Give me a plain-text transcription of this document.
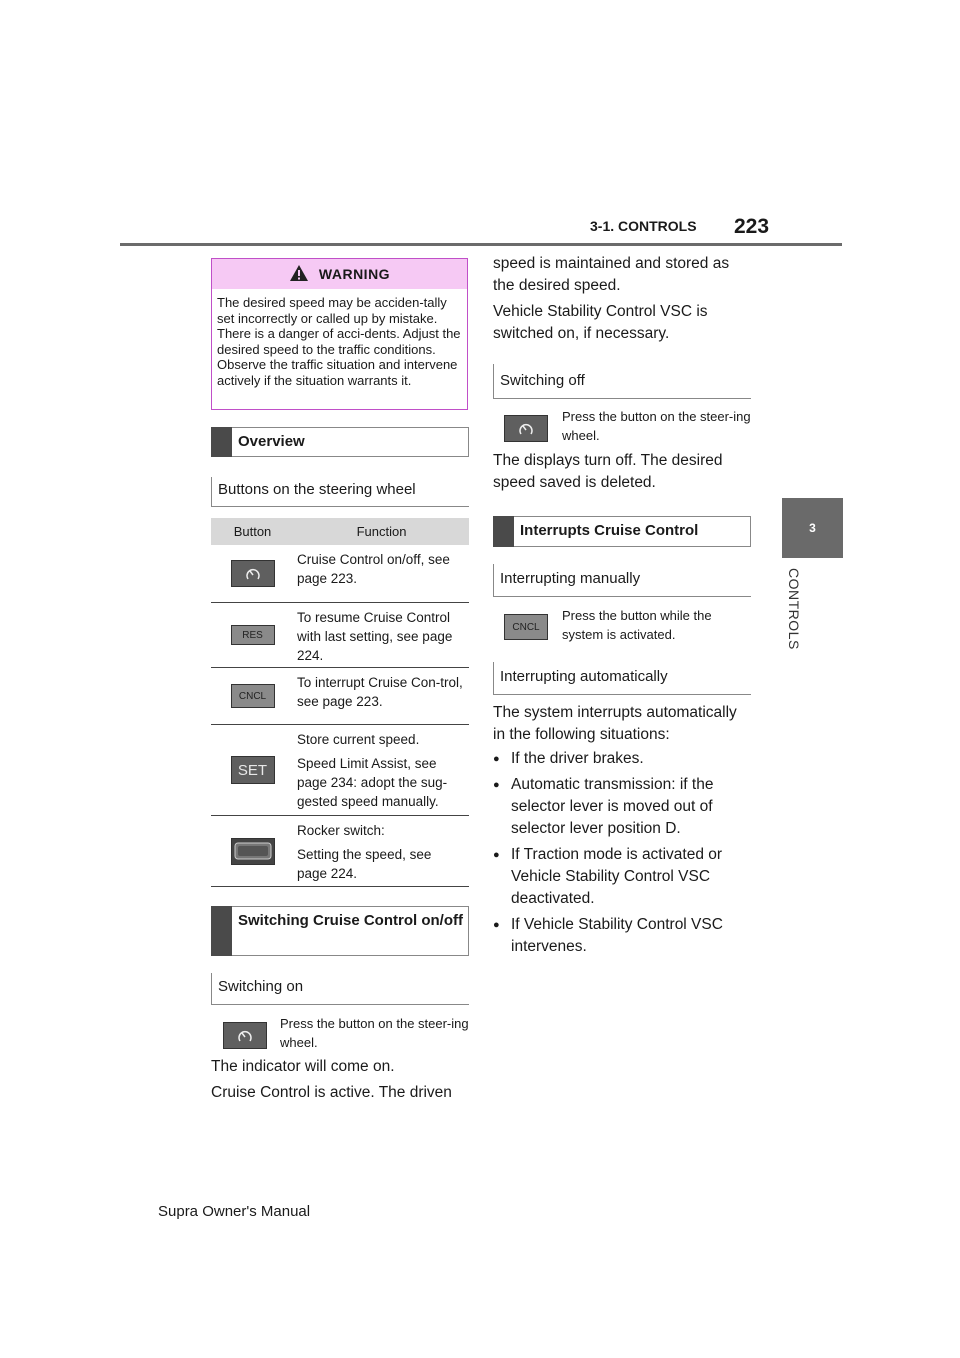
3-1. CONTROLS 223
3
CONTROLS
WARNING
The desired speed may be acciden-tally set incorrectly or called up by mistake. There is a danger of acci-dents. Adjust the desired speed to the traffic conditions. Observe the traffic situation and intervene actively if the situation warrants it.
Overview
Buttons on the steering wheel
Button	Function

Cruise Control on/off, see page 223.

RES

To resume Cruise Control with last setting, see page 224.

CNCL

To interrupt Cruise Con-trol, see page 223.

SET

Store current speed.

Speed Limit Assist, see page 234: adopt the sug-gested speed manually.

Rocker switch:

Setting the speed, see page 224.

Switching Cruise Control on/off
Switching on
Press the button on the steer-ing wheel.
The indicator will come on.
Cruise Control is active. The driven
speed is maintained and stored as
the desired speed.
Vehicle Stability Control VSC is switched on, if necessary.
Switching off
Press the button on the steer-ing wheel.
The displays turn off. The desired speed saved is deleted.
Interrupts Cruise Control
Interrupting manually
CNCL
Press the button while the system is activated.
Interrupting automatically
The system interrupts automatically in the following situations:
● If the driver brakes.
● Automatic transmission: if the selector lever is moved out of selector lever position D.
● If Traction mode is activated or Vehicle Stability Control VSC deactivated.
● If Vehicle Stability Control VSC intervenes.
Supra Owner's Manual
